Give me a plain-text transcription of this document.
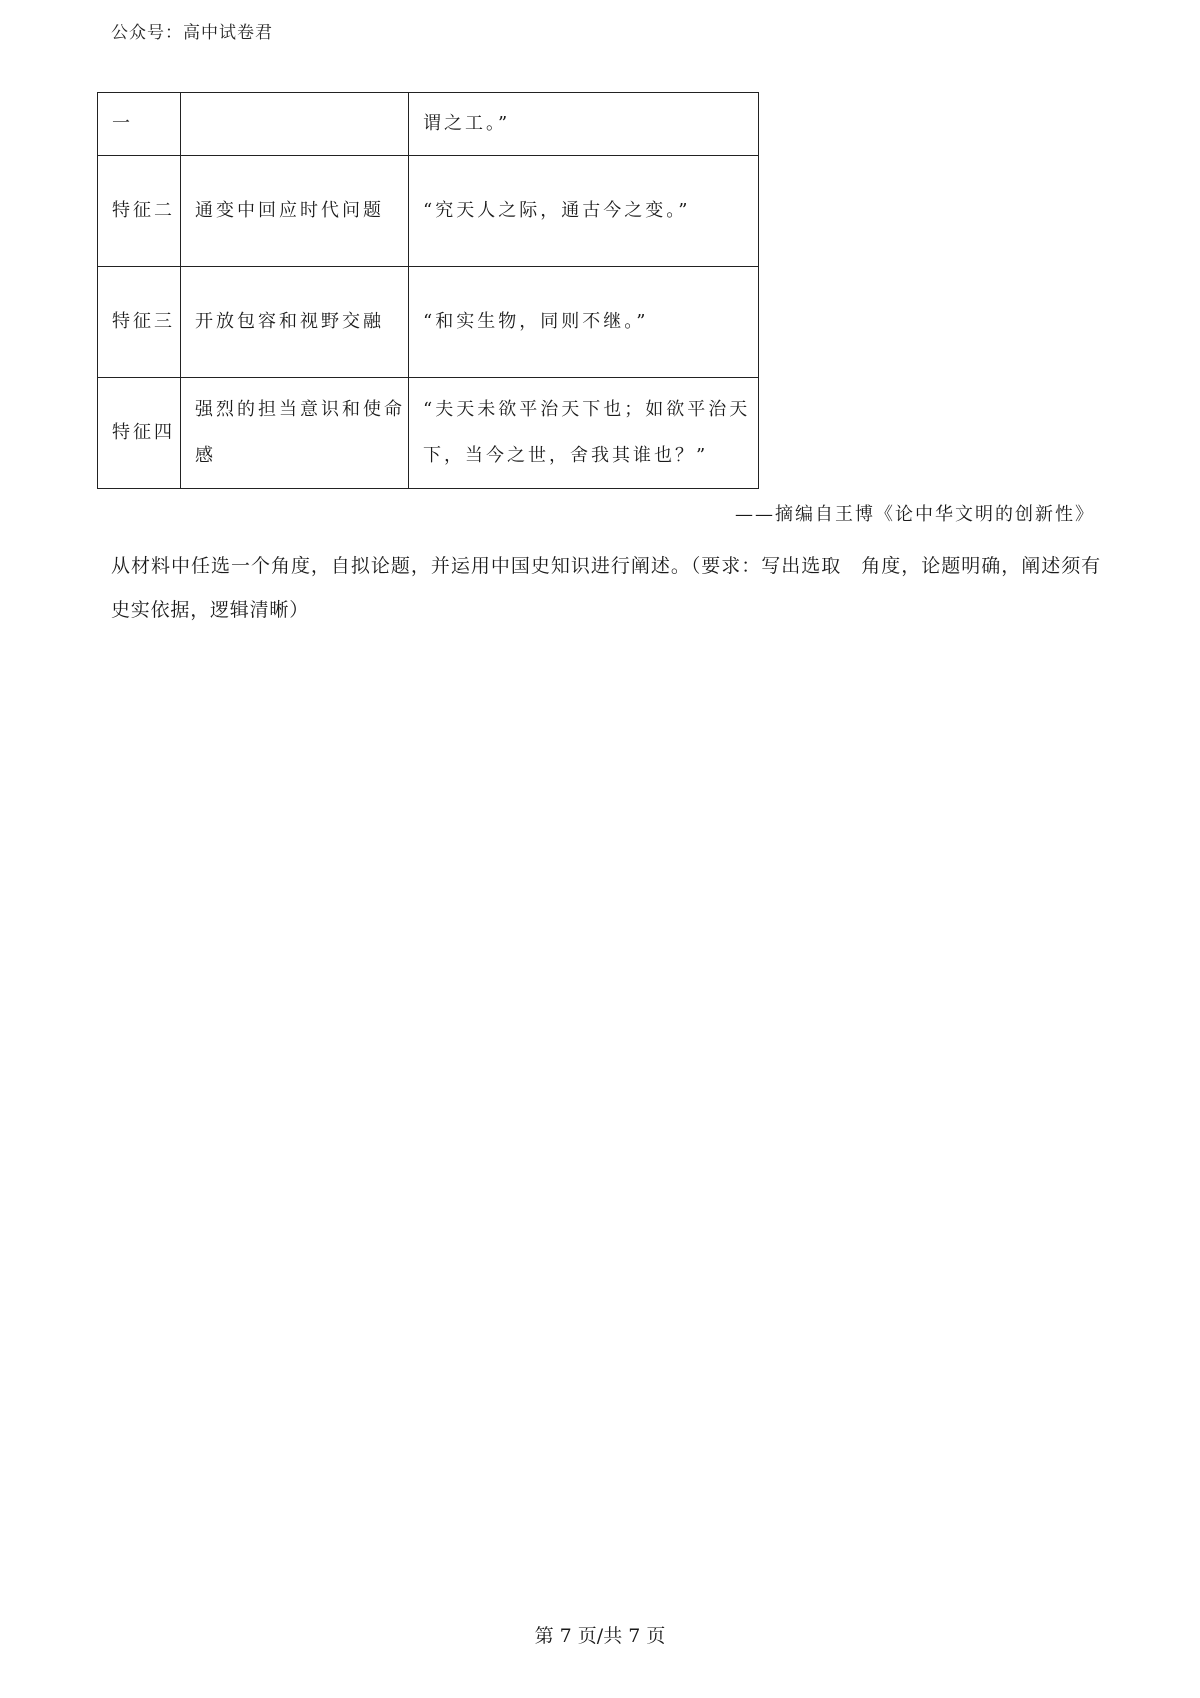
公众号：高中试卷君
一		谓之工。”
特征二	通变中回应时代问题	“究天人之际，通古今之变。”
特征三	开放包容和视野交融	“和实生物，同则不继。”
特征四	强烈的担当意识和使命感	“夫天未欲平治天下也；如欲平治天下，当今之世，舍我其谁也？”
——摘编自王博《论中华文明的创新性》
从材料中任选一个角度，自拟论题，并运用中国史知识进行阐述。（要求：写出选取　角度，论题明确，阐述须有史实依据，逻辑清晰）
第 7 页/共 7 页
